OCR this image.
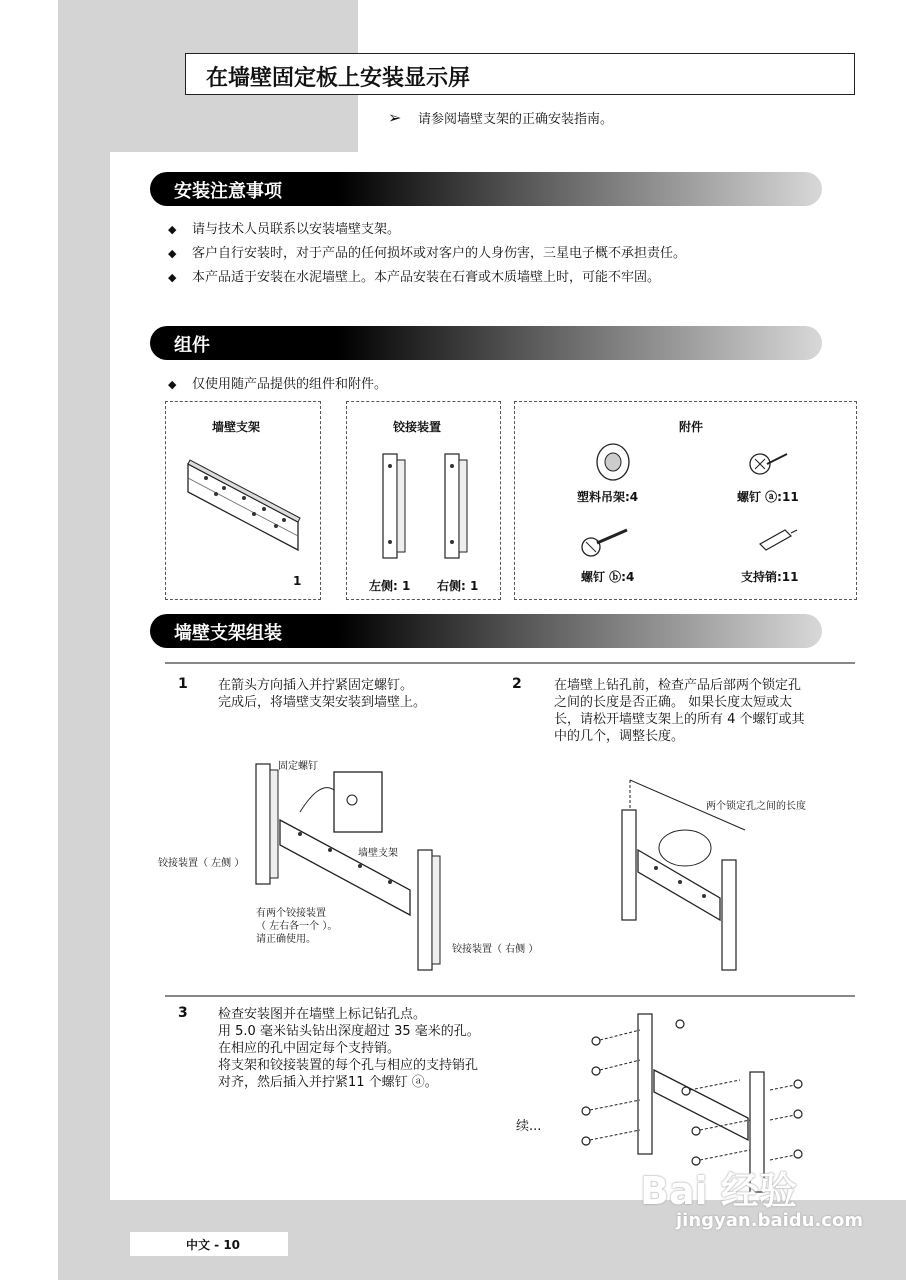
在墙壁固定板上安装显示屏
➢ 请参阅墙壁支架的正确安装指南。
安装注意事项
◆ 请与技术人员联系以安装墙壁支架。
◆ 客户自行安装时，对于产品的任何损坏或对客户的人身伤害，三星电子概不承担责任。
◆ 本产品适于安装在水泥墙壁上。本产品安装在石膏或木质墙壁上时，可能不牢固。
组件
◆ 仅使用随产品提供的组件和附件。
墙壁支架
1
铰接装置
左侧: 1 右侧: 1
附件
塑料吊架:4	螺钉 ⓐ:11
螺钉 ⓑ:4	支持销:11
墙壁支架组装
1 在箭头方向插入并拧紧固定螺钉。
完成后，将墙壁支架安装到墙壁上。
2 在墙壁上钻孔前，检查产品后部两个锁定孔
之间的长度是否正确。 如果长度太短或太
长，请松开墙壁支架上的所有 4 个螺钉或其
中的几个，调整长度。
固定螺钉
墙壁支架
铰接装置（ 左侧 ）
有两个铰接装置
（ 左右各一个 ）。
请正确使用。
铰接装置（ 右侧 ）
两个锁定孔之间的长度
3 检查安装图并在墙壁上标记钻孔点。
用 5.0 毫米钻头钻出深度超过 35 毫米的孔。
在相应的孔中固定每个支持销。
将支架和铰接装置的每个孔与相应的支持销孔
对齐，然后插入并拧紧11 个螺钉 ⓐ。
续...
Bai 经验
jingyan.baidu.com
中文 - 10
